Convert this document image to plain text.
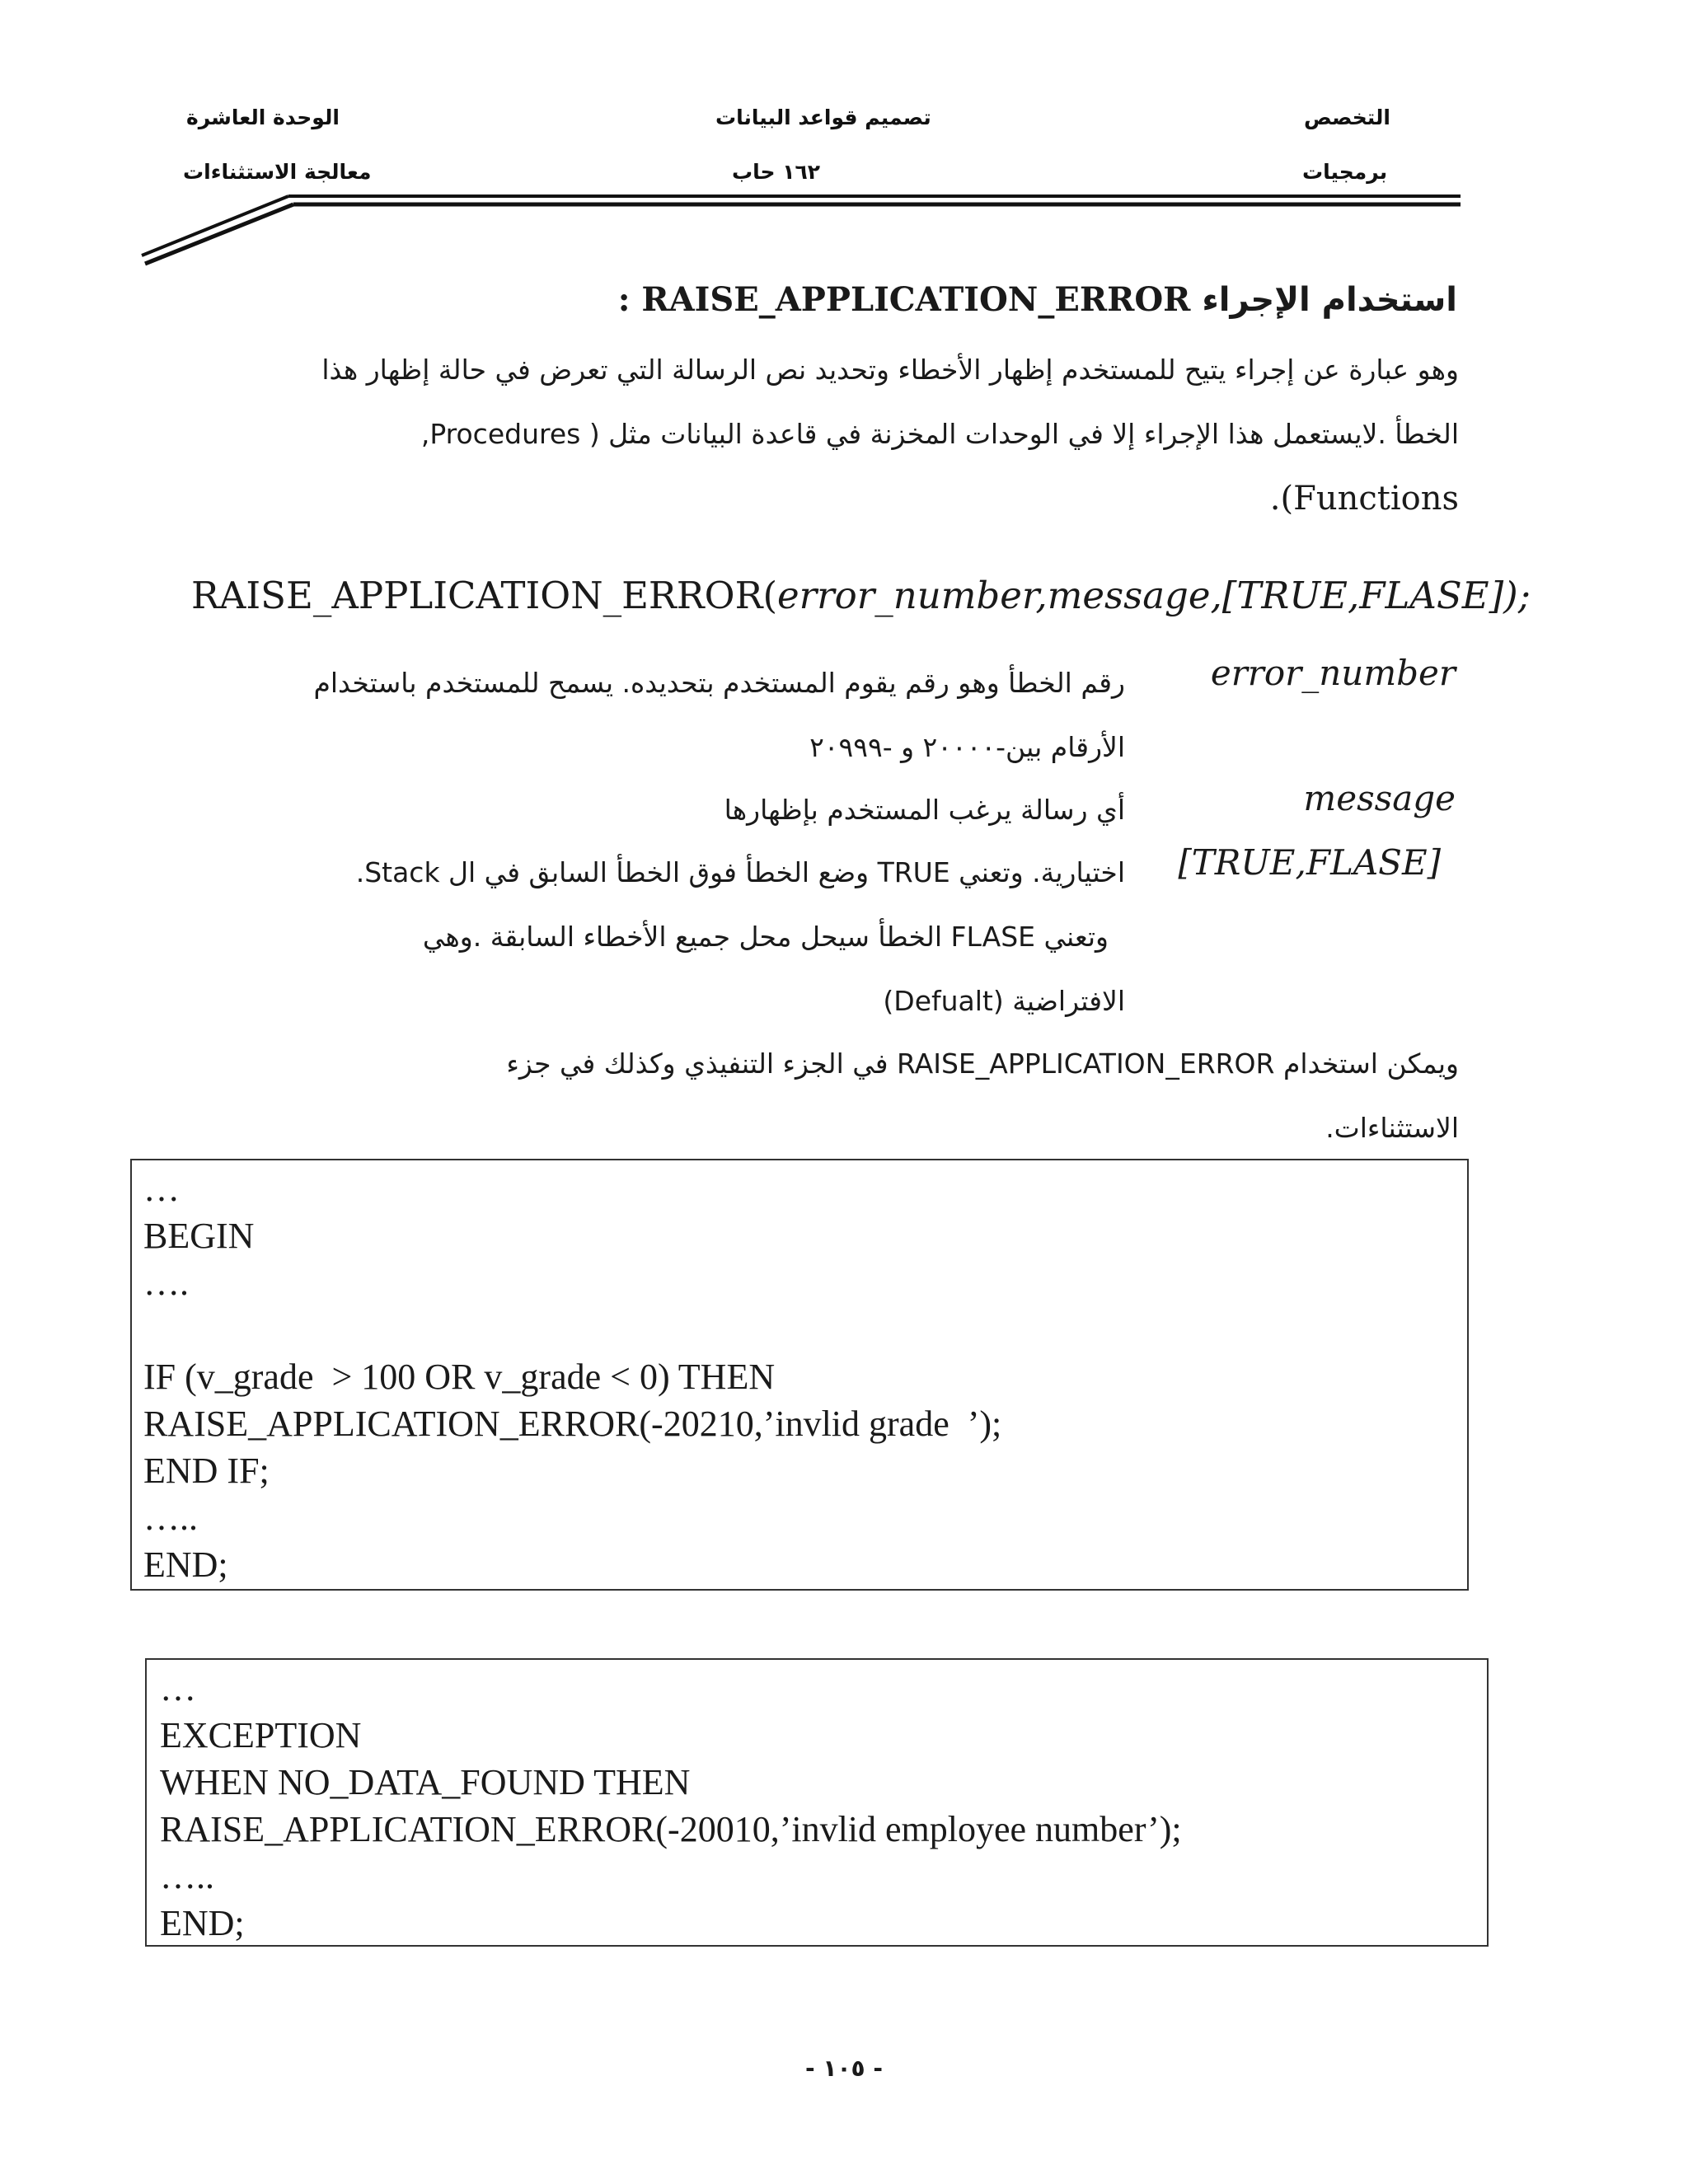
الوحدة العاشرة
معالجة الاستثناءات
تصميم قواعد البيانات
١٦٢ حاب
التخصص
برمجيات
استخدام الإجراء RAISE_APPLICATION_ERROR :
وهو عبارة عن إجراء يتيح للمستخدم إظهار الأخطاء وتحديد نص الرسالة التي تعرض في حالة إظهار هذا
الخطأ .لايستعمل هذا الإجراء إلا في الوحدات المخزنة في قاعدة البيانات مثل ( Procedures,
Functions).
RAISE_APPLICATION_ERROR(error_number,message,[TRUE,FLASE]);
error_number
رقم الخطأ وهو رقم يقوم المستخدم بتحديده. يسمح للمستخدم باستخدام
الأرقام بين-٢٠٠٠٠ و -٢٠٩٩٩
message
أي رسالة يرغب المستخدم بإظهارها
[TRUE,FLASE]
اختيارية. وتعني TRUE وضع الخطأ فوق الخطأ السابق في ال Stack.
وتعني FLASE الخطأ سيحل محل جميع الأخطاء السابقة .وهي
الافتراضية (Defualt)
ويمكن استخدام RAISE_APPLICATION_ERROR في الجزء التنفيذي وكذلك في جزء
الاستثناءات.
…
BEGIN
….
IF (v_grade  > 100 OR v_grade < 0) THEN
RAISE_APPLICATION_ERROR(-20210,’invlid grade  ’);
END IF;
…..
END;
…
EXCEPTION
WHEN NO_DATA_FOUND THEN
RAISE_APPLICATION_ERROR(-20010,’invlid employee number’);
…..
END;
- ١٠٥ -
